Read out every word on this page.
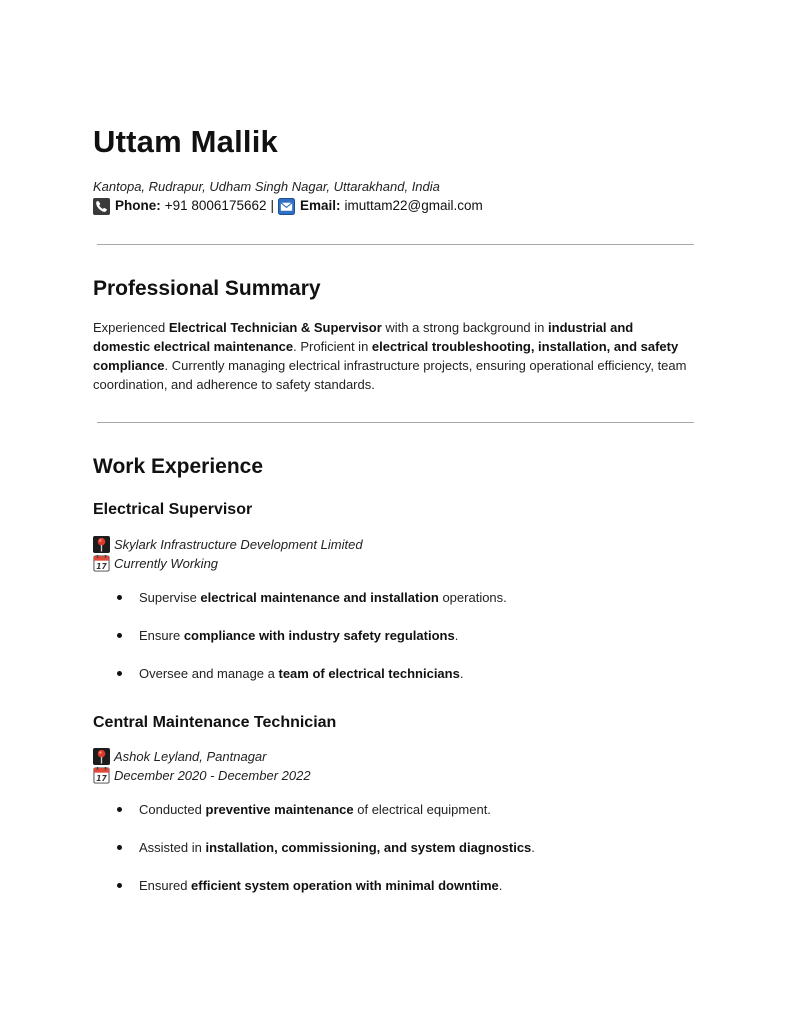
Uttam Mallik
Kantopa, Rudrapur, Udham Singh Nagar, Uttarakhand, India
Phone: +91 8006175662 | Email: imuttam22@gmail.com
Professional Summary
Experienced Electrical Technician & Supervisor with a strong background in industrial and domestic electrical maintenance. Proficient in electrical troubleshooting, installation, and safety compliance. Currently managing electrical infrastructure projects, ensuring operational efficiency, team coordination, and adherence to safety standards.
Work Experience
Electrical Supervisor
Skylark Infrastructure Development Limited
17 Currently Working
Supervise electrical maintenance and installation operations.
Ensure compliance with industry safety regulations.
Oversee and manage a team of electrical technicians.
Central Maintenance Technician
Ashok Leyland, Pantnagar
17 December 2020 - December 2022
Conducted preventive maintenance of electrical equipment.
Assisted in installation, commissioning, and system diagnostics.
Ensured efficient system operation with minimal downtime.
